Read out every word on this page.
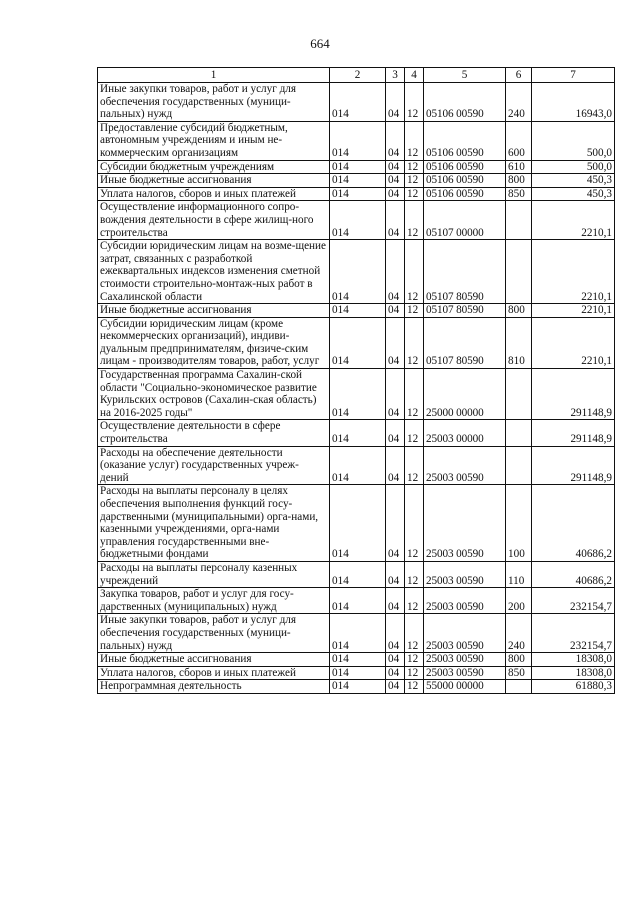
664
1	2	3	4	5	6	7
Иные закупки товаров, работ и услуг для обеспечения государственных (муници-пальных) нужд	014	04	12	05106 00590	240	16943,0
Предоставление субсидий бюджетным, автономным учреждениям и иным не-коммерческим организациям	014	04	12	05106 00590	600	500,0
Субсидии бюджетным учреждениям	014	04	12	05106 00590	610	500,0
Иные бюджетные ассигнования	014	04	12	05106 00590	800	450,3
Уплата налогов, сборов и иных платежей	014	04	12	05106 00590	850	450,3
Осуществление информационного сопро-вождения деятельности в сфере жилищ-ного строительства	014	04	12	05107 00000		2210,1
Субсидии юридическим лицам на возме-щение затрат, связанных с разработкой ежеквартальных индексов изменения сметной стоимости строительно-монтаж-ных работ в Сахалинской области	014	04	12	05107 80590		2210,1
Иные бюджетные ассигнования	014	04	12	05107 80590	800	2210,1
Субсидии юридическим лицам (кроме некоммерческих организаций), индиви-дуальным предпринимателям, физиче-ским лицам - производителям товаров, работ, услуг	014	04	12	05107 80590	810	2210,1
Государственная программа Сахалин-ской области "Социально-экономическое развитие Курильских островов (Сахалин-ская область) на 2016-2025 годы"	014	04	12	25000 00000		291148,9
Осуществление деятельности в сфере строительства	014	04	12	25003 00000		291148,9
Расходы на обеспечение деятельности (оказание услуг) государственных учреж-дений	014	04	12	25003 00590		291148,9
Расходы на выплаты персоналу в целях обеспечения выполнения функций госу-дарственными (муниципальными) орга-нами, казенными учреждениями, орга-нами управления государственными вне-бюджетными фондами	014	04	12	25003 00590	100	40686,2
Расходы на выплаты персоналу казенных учреждений	014	04	12	25003 00590	110	40686,2
Закупка товаров, работ и услуг для госу-дарственных (муниципальных) нужд	014	04	12	25003 00590	200	232154,7
Иные закупки товаров, работ и услуг для обеспечения государственных (муници-пальных) нужд	014	04	12	25003 00590	240	232154,7
Иные бюджетные ассигнования	014	04	12	25003 00590	800	18308,0
Уплата налогов, сборов и иных платежей	014	04	12	25003 00590	850	18308,0
Непрограммная деятельность	014	04	12	55000 00000		61880,3
